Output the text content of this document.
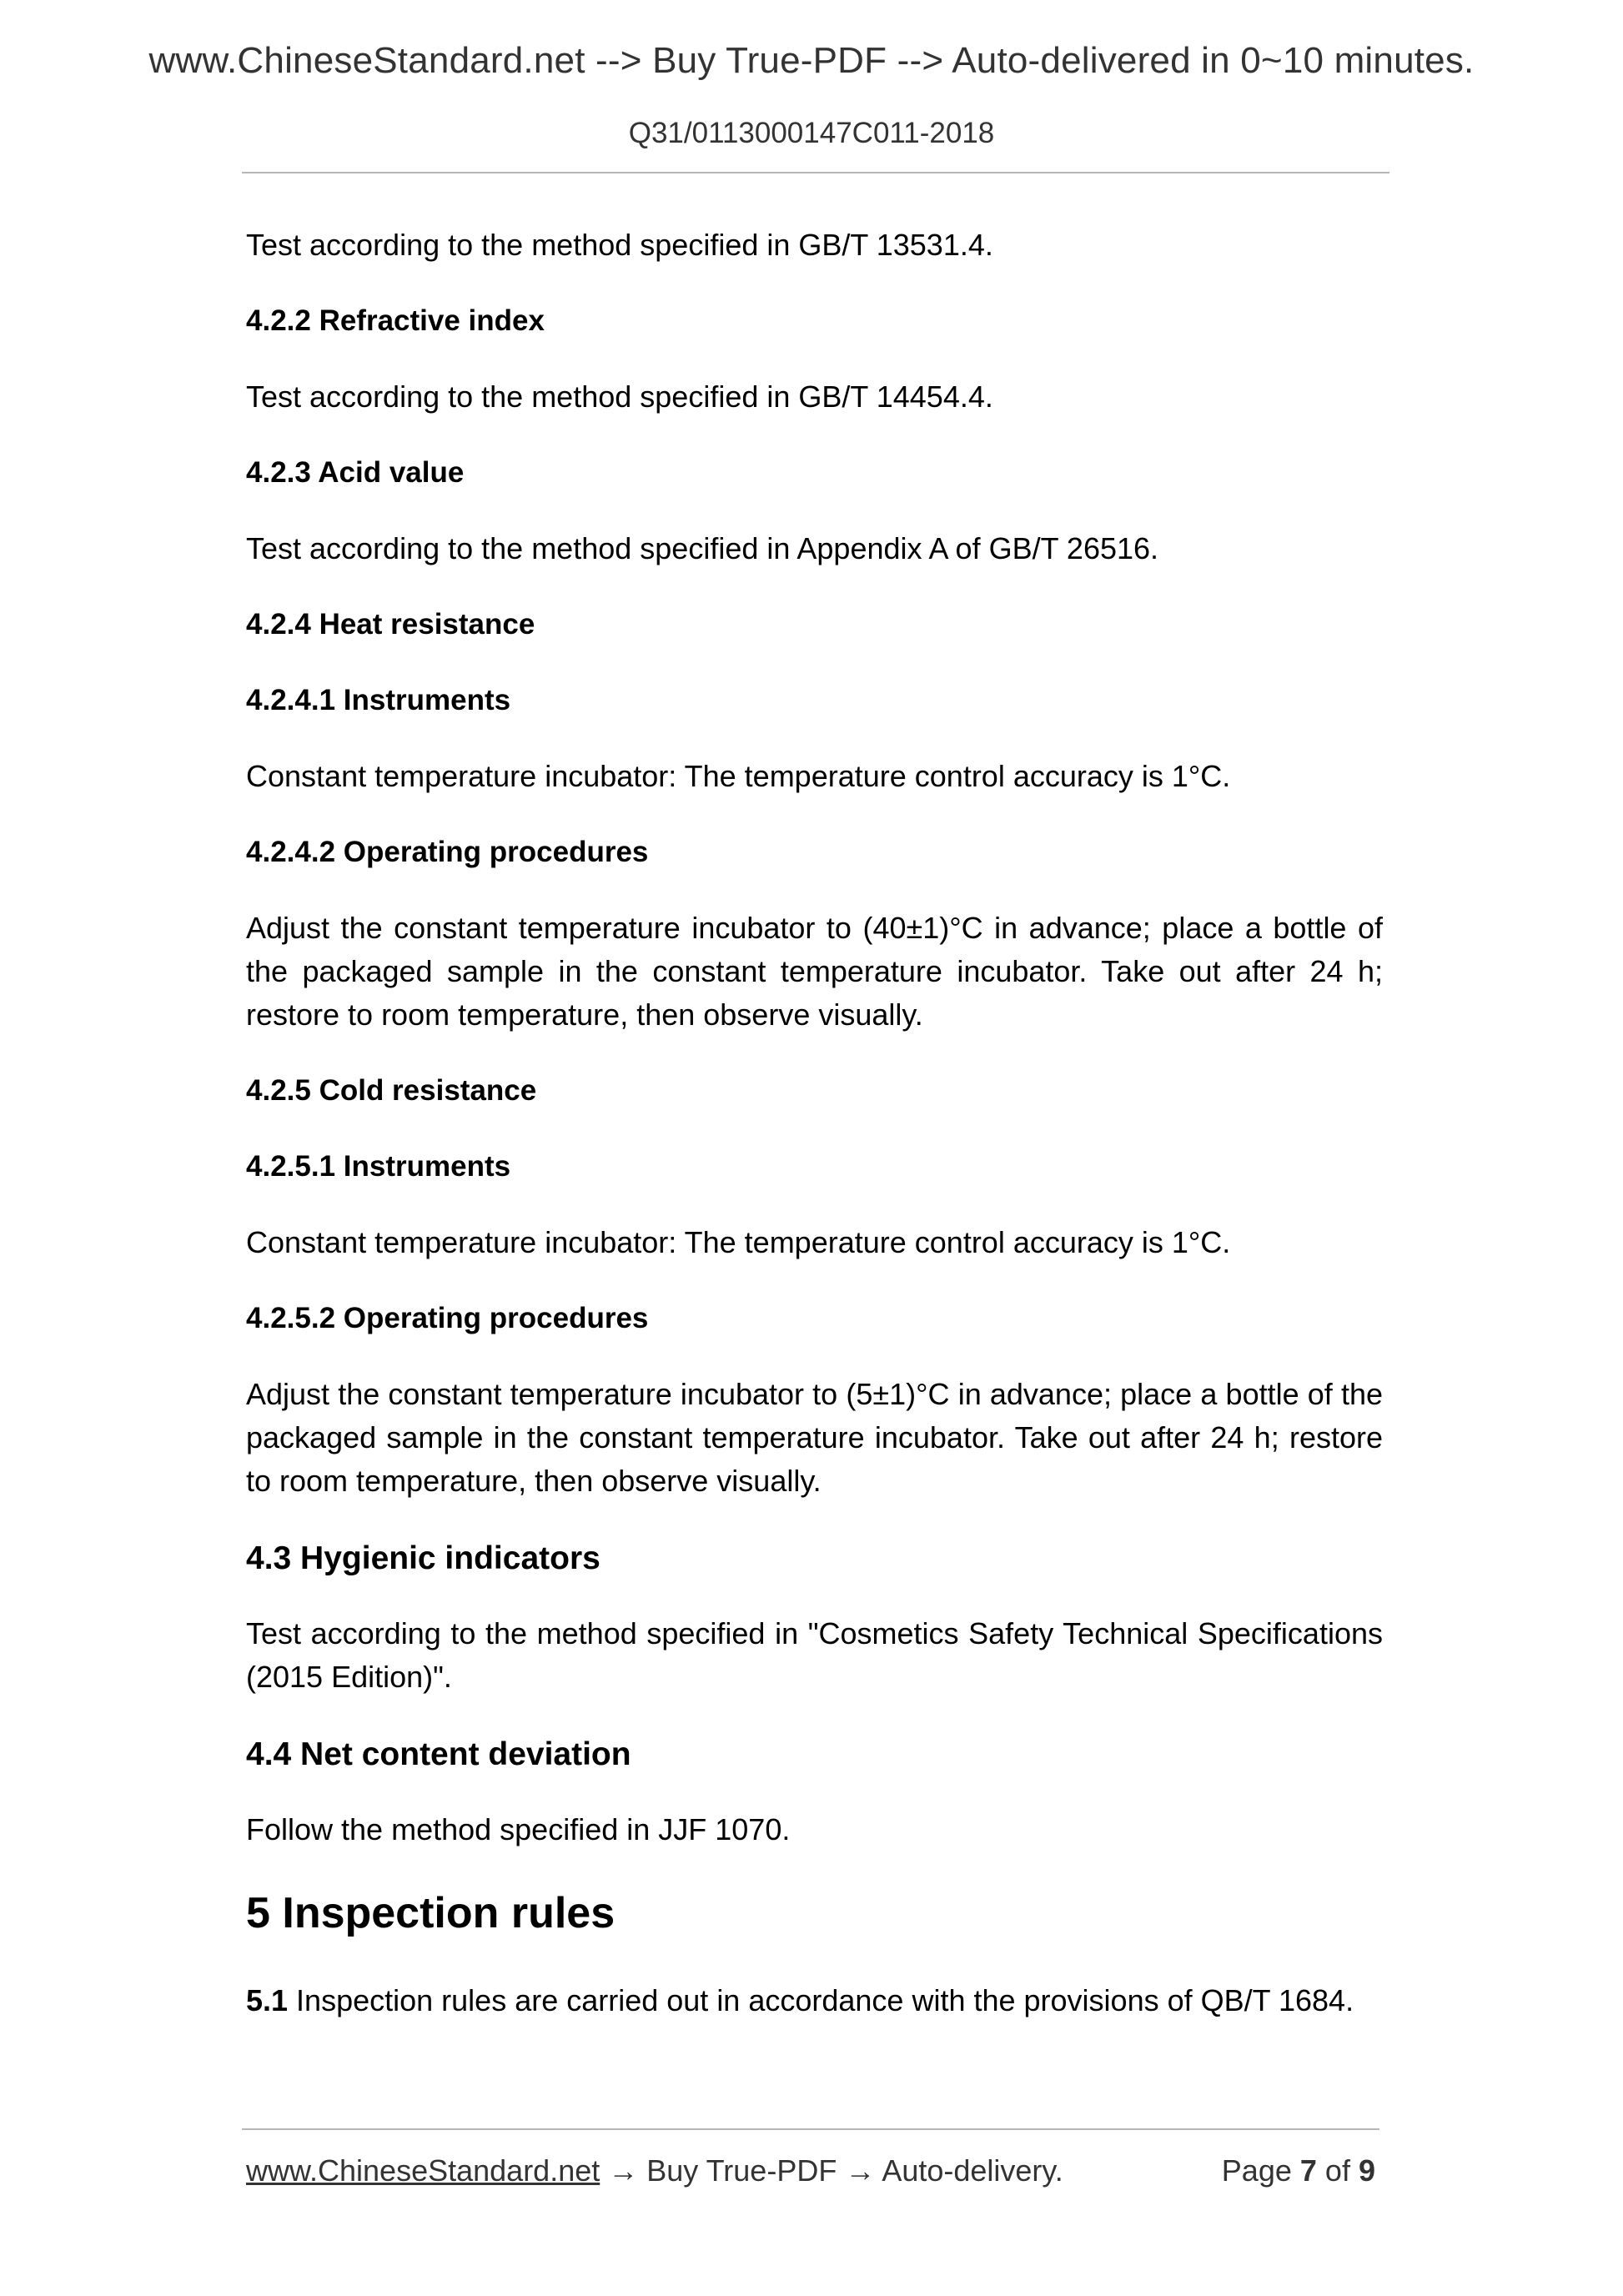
www.ChineseStandard.net --> Buy True-PDF --> Auto-delivered in 0~10 minutes.
Q31/0113000147C011-2018

Test according to the method specified in GB/T 13531.4.

4.2.2 Refractive index

Test according to the method specified in GB/T 14454.4.

4.2.3 Acid value

Test according to the method specified in Appendix A of GB/T 26516.

4.2.4 Heat resistance
4.2.4.1 Instruments

Constant temperature incubator: The temperature control accuracy is 1°C.

4.2.4.2 Operating procedures

Adjust the constant temperature incubator to (40±1)°C in advance; place a bottle of the packaged sample in the constant temperature incubator. Take out after 24 h; restore to room temperature, then observe visually.

4.2.5 Cold resistance
4.2.5.1 Instruments

Constant temperature incubator: The temperature control accuracy is 1°C.

4.2.5.2 Operating procedures

Adjust the constant temperature incubator to (5±1)°C in advance; place a bottle of the packaged sample in the constant temperature incubator. Take out after 24 h; restore to room temperature, then observe visually.

4.3 Hygienic indicators

Test according to the method specified in "Cosmetics Safety Technical Specifications (2015 Edition)".

4.4 Net content deviation

Follow the method specified in JJF 1070.

5 Inspection rules

5.1 Inspection rules are carried out in accordance with the provisions of QB/T 1684.

www.ChineseStandard.net → Buy True-PDF → Auto-delivery.	Page 7 of 9
